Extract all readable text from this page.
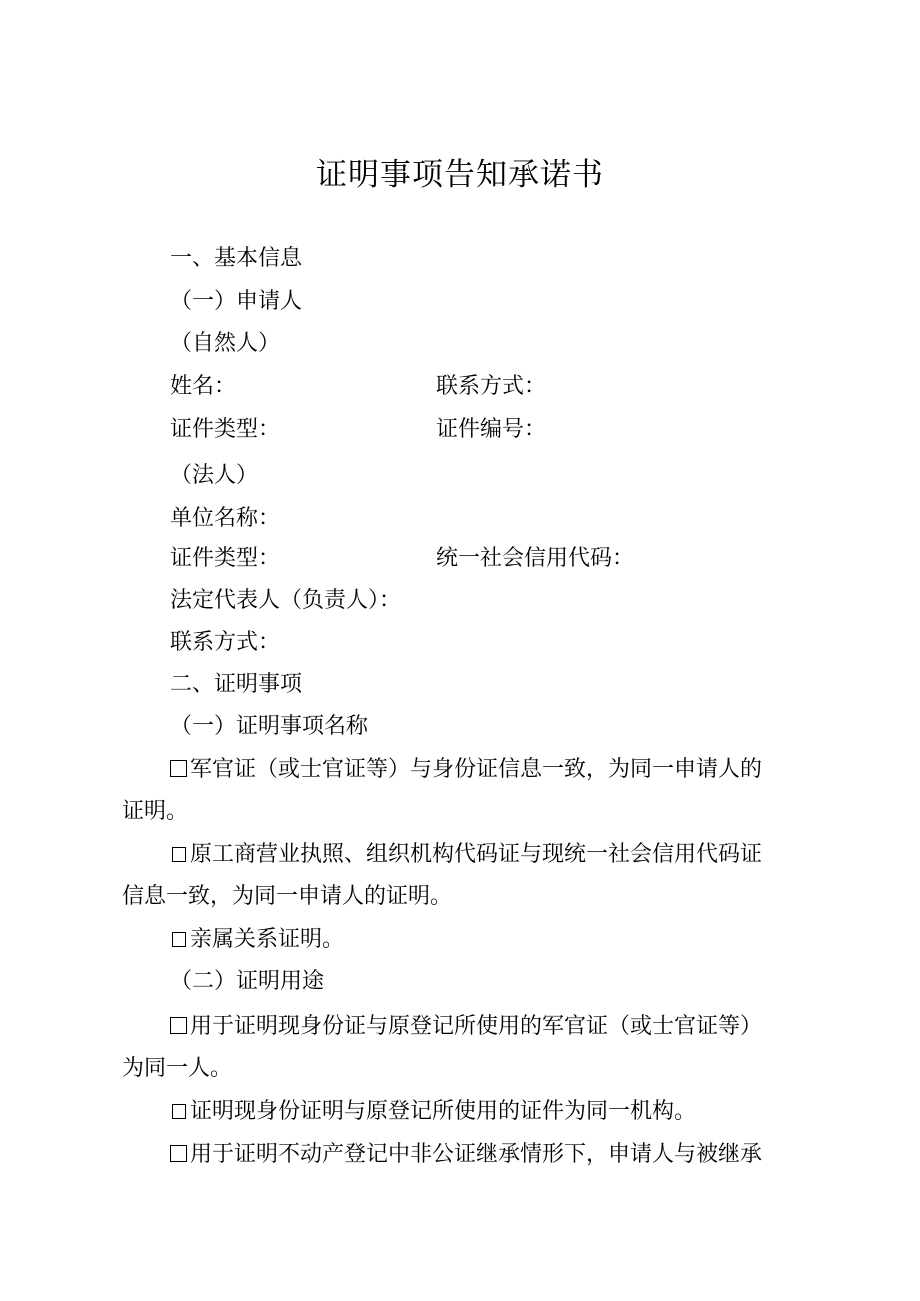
证明事项告知承诺书
一、基本信息
（一）申请人
（自然人）
姓名：	联系方式：
证件类型：	证件编号：
（法人）
单位名称：
证件类型：	统一社会信用代码：
法定代表人（负责人）：
联系方式：
二、证明事项
（一）证明事项名称
军官证（或士官证等）与身份证信息一致，为同一申请人的
证明。
原工商营业执照、组织机构代码证与现统一社会信用代码证
信息一致，为同一申请人的证明。
亲属关系证明。
（二）证明用途
用于证明现身份证与原登记所使用的军官证（或士官证等）
为同一人。
证明现身份证明与原登记所使用的证件为同一机构。
用于证明不动产登记中非公证继承情形下，申请人与被继承
